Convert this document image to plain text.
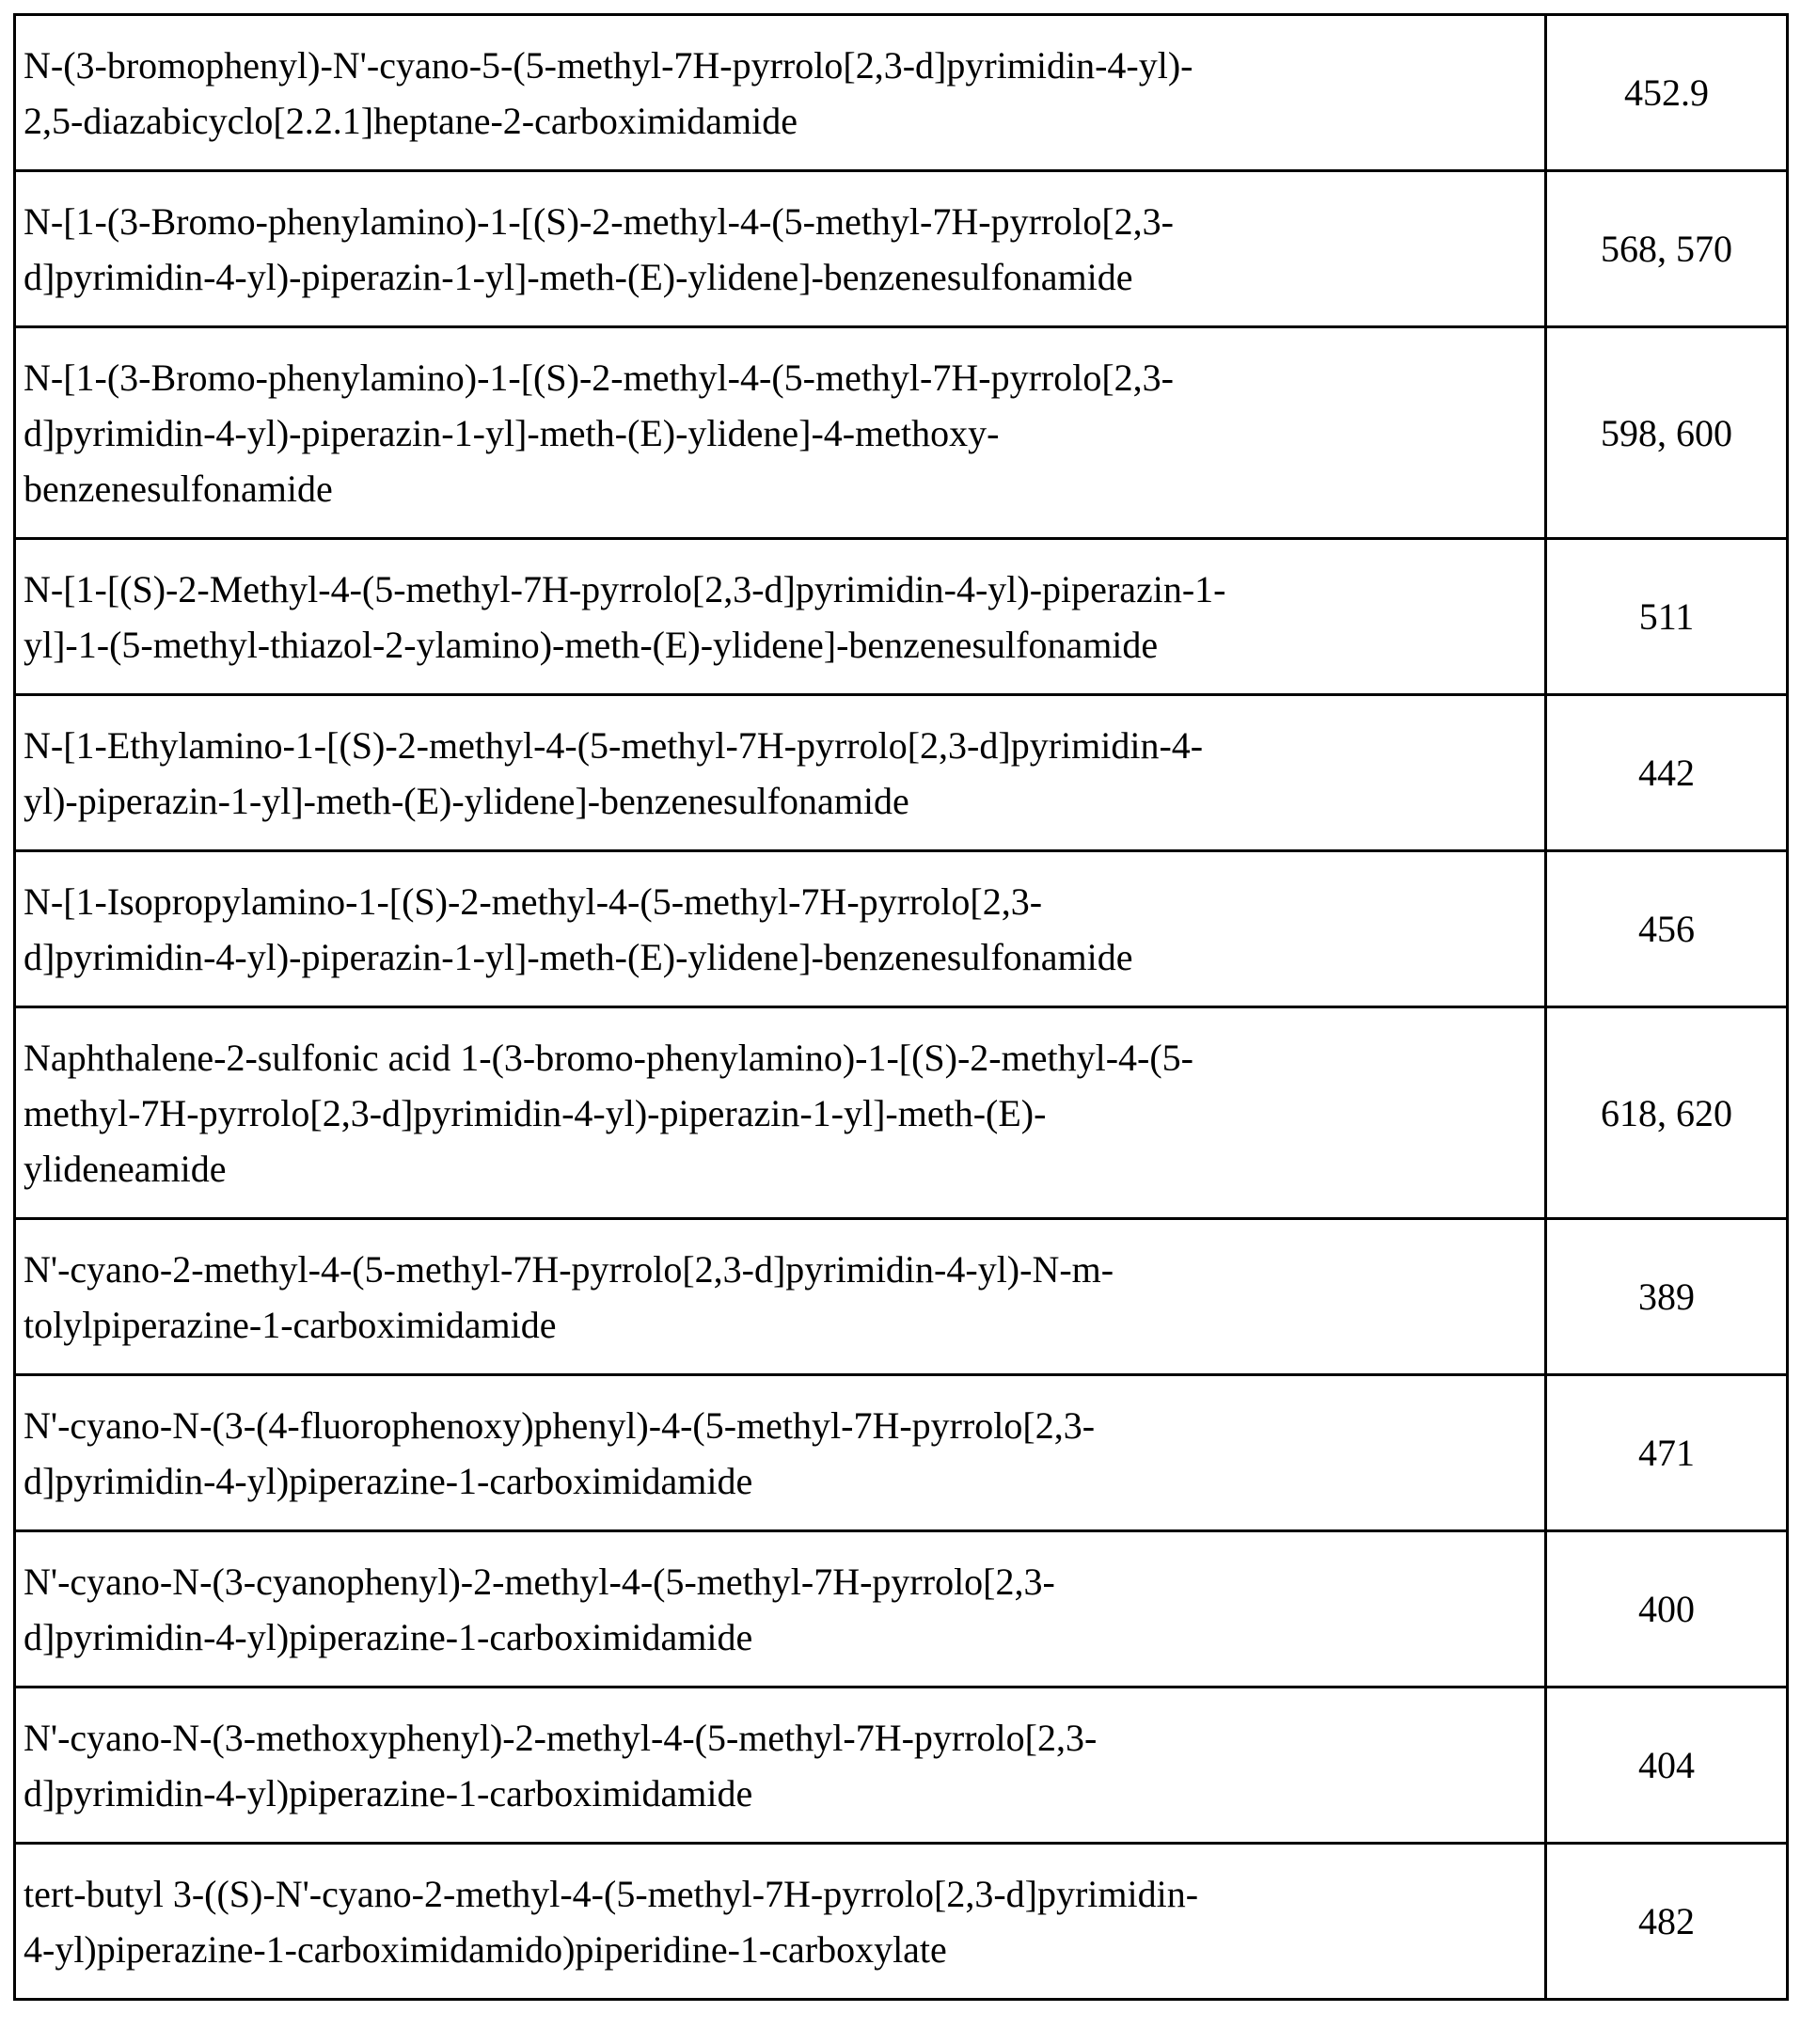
N-(3-bromophenyl)-N'-cyano-5-(5-methyl-7H-pyrrolo[2,3-d]pyrimidin-4-yl)-
2,5-diazabicyclo[2.2.1]heptane-2-carboximidamide
	452.9

N-[1-(3-Bromo-phenylamino)-1-[(S)-2-methyl-4-(5-methyl-7H-pyrrolo[2,3-
d]pyrimidin-4-yl)-piperazin-1-yl]-meth-(E)-ylidene]-benzenesulfonamide
	568, 570

N-[1-(3-Bromo-phenylamino)-1-[(S)-2-methyl-4-(5-methyl-7H-pyrrolo[2,3-
d]pyrimidin-4-yl)-piperazin-1-yl]-meth-(E)-ylidene]-4-methoxy-
benzenesulfonamide
	598, 600

N-[1-[(S)-2-Methyl-4-(5-methyl-7H-pyrrolo[2,3-d]pyrimidin-4-yl)-piperazin-1-
yl]-1-(5-methyl-thiazol-2-ylamino)-meth-(E)-ylidene]-benzenesulfonamide
	511

N-[1-Ethylamino-1-[(S)-2-methyl-4-(5-methyl-7H-pyrrolo[2,3-d]pyrimidin-4-
yl)-piperazin-1-yl]-meth-(E)-ylidene]-benzenesulfonamide
	442

N-[1-Isopropylamino-1-[(S)-2-methyl-4-(5-methyl-7H-pyrrolo[2,3-
d]pyrimidin-4-yl)-piperazin-1-yl]-meth-(E)-ylidene]-benzenesulfonamide
	456

Naphthalene-2-sulfonic acid 1-(3-bromo-phenylamino)-1-[(S)-2-methyl-4-(5-
methyl-7H-pyrrolo[2,3-d]pyrimidin-4-yl)-piperazin-1-yl]-meth-(E)-
ylideneamide
	618, 620

N'-cyano-2-methyl-4-(5-methyl-7H-pyrrolo[2,3-d]pyrimidin-4-yl)-N-m-
tolylpiperazine-1-carboximidamide
	389

N'-cyano-N-(3-(4-fluorophenoxy)phenyl)-4-(5-methyl-7H-pyrrolo[2,3-
d]pyrimidin-4-yl)piperazine-1-carboximidamide
	471

N'-cyano-N-(3-cyanophenyl)-2-methyl-4-(5-methyl-7H-pyrrolo[2,3-
d]pyrimidin-4-yl)piperazine-1-carboximidamide
	400

N'-cyano-N-(3-methoxyphenyl)-2-methyl-4-(5-methyl-7H-pyrrolo[2,3-
d]pyrimidin-4-yl)piperazine-1-carboximidamide
	404

tert-butyl 3-((S)-N'-cyano-2-methyl-4-(5-methyl-7H-pyrrolo[2,3-d]pyrimidin-
4-yl)piperazine-1-carboximidamido)piperidine-1-carboxylate
	482
